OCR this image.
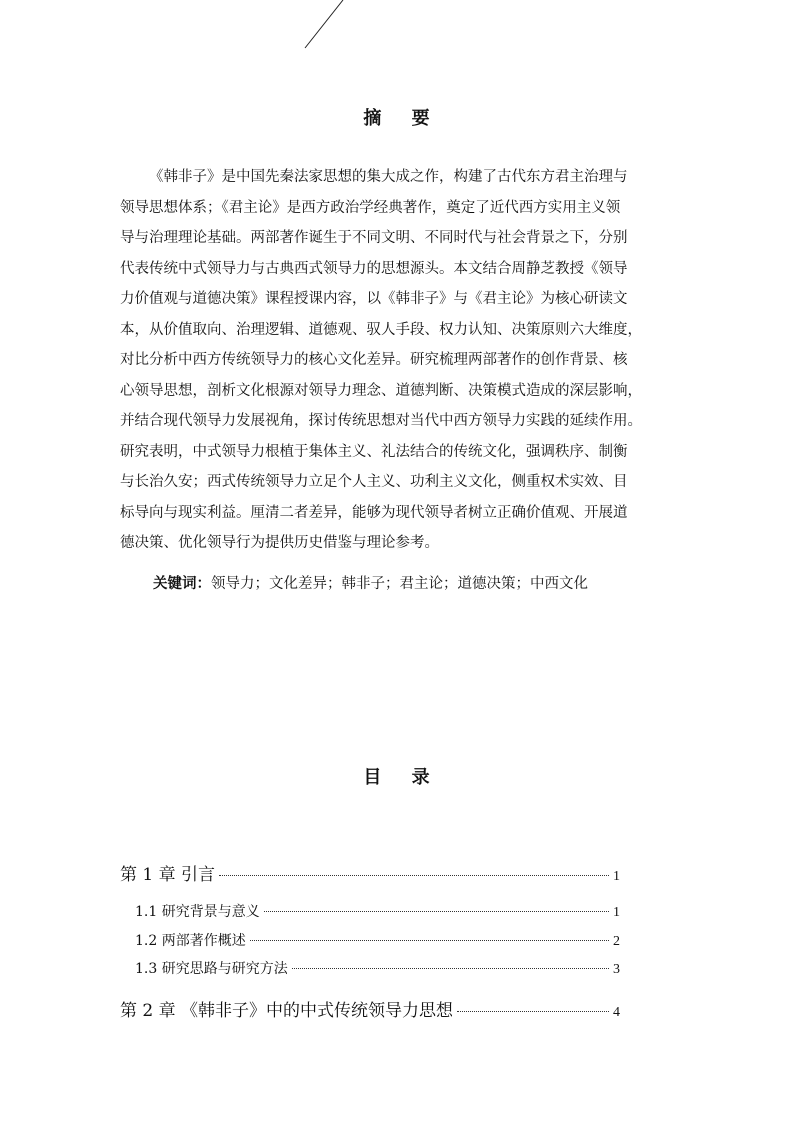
摘 要
《韩非子》是中国先秦法家思想的集大成之作，构建了古代东方君主治理与
领导思想体系；《君主论》是西方政治学经典著作，奠定了近代西方实用主义领
导与治理理论基础。两部著作诞生于不同文明、不同时代与社会背景之下，分别
代表传统中式领导力与古典西式领导力的思想源头。本文结合周静芝教授《领导
力价值观与道德决策》课程授课内容，以《韩非子》与《君主论》为核心研读文
本，从价值取向、治理逻辑、道德观、驭人手段、权力认知、决策原则六大维度，
对比分析中西方传统领导力的核心文化差异。研究梳理两部著作的创作背景、核
心领导思想，剖析文化根源对领导力理念、道德判断、决策模式造成的深层影响，
并结合现代领导力发展视角，探讨传统思想对当代中西方领导力实践的延续作用。
研究表明，中式领导力根植于集体主义、礼法结合的传统文化，强调秩序、制衡
与长治久安；西式传统领导力立足个人主义、功利主义文化，侧重权术实效、目
标导向与现实利益。厘清二者差异，能够为现代领导者树立正确价值观、开展道
德决策、优化领导行为提供历史借鉴与理论参考。
关键词：领导力；文化差异；韩非子；君主论；道德决策；中西文化
目 录
第 1 章 引言	1
1.1 研究背景与意义	1
1.2 两部著作概述	2
1.3 研究思路与研究方法	3
第 2 章 《韩非子》中的中式传统领导力思想	4
